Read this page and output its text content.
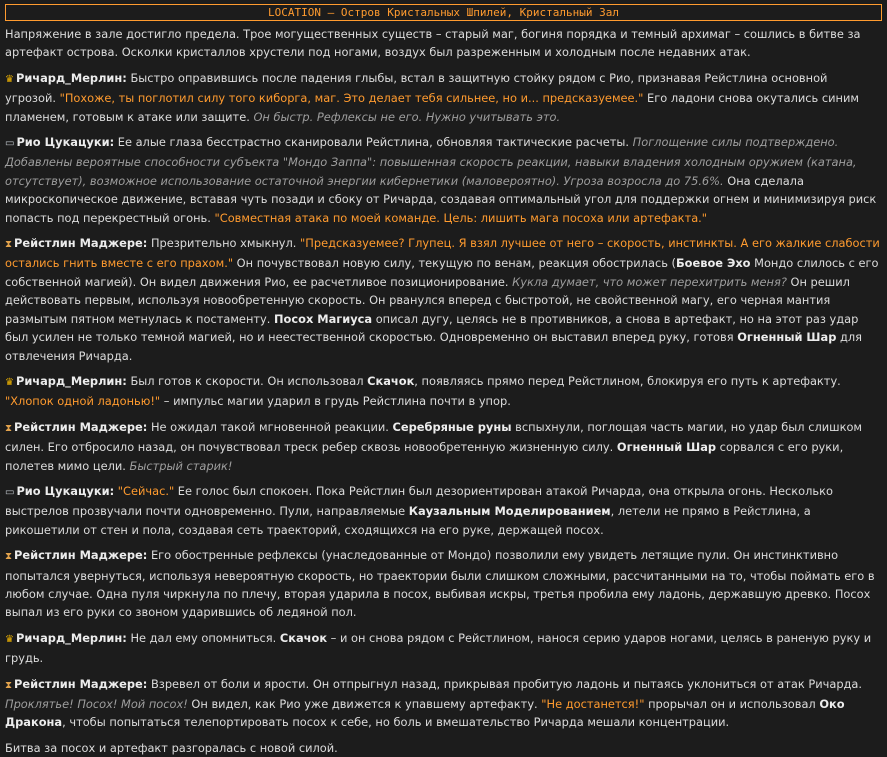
LOCATION – Остров Кристальных Шпилей, Кристальный Зал

Напряжение в зале достигло предела. Трое могущественных существ – старый маг, богиня порядка и темный архимаг – сошлись в битве за артефакт острова. Осколки кристаллов хрустели под ногами, воздух был разреженным и холодным после недавних атак.

♛ Ричард_Мерлин: Быстро оправившись после падения глыбы, встал в защитную стойку рядом с Рио, признавая Рейстлина основной угрозой. "Похоже, ты поглотил силу того киборга, маг. Это делает тебя сильнее, но и... предсказуемее." Его ладони снова окутались синим пламенем, готовым к атаке или защите. Он быстр. Рефлексы не его. Нужно учитывать это.

▭ Рио Цукацуки: Ее алые глаза бесстрастно сканировали Рейстлина, обновляя тактические расчеты. Поглощение силы подтверждено. Добавлены вероятные способности субъекта "Мондо Заппа": повышенная скорость реакции, навыки владения холодным оружием (катана, отсутствует), возможное использование остаточной энергии кибернетики (маловероятно). Угроза возросла до 75.6%. Она сделала микроскопическое движение, вставая чуть позади и сбоку от Ричарда, создавая оптимальный угол для поддержки огнем и минимизируя риск попасть под перекрестный огонь. "Совместная атака по моей команде. Цель: лишить мага посоха или артефакта."

⧗ Рейстлин Маджере: Презрительно хмыкнул. "Предсказуемее? Глупец. Я взял лучшее от него – скорость, инстинкты. А его жалкие слабости остались гнить вместе с его прахом." Он почувствовал новую силу, текущую по венам, реакция обострилась (Боевое Эхо Мондо слилось с его собственной магией). Он видел движения Рио, ее расчетливое позиционирование. Кукла думает, что может перехитрить меня? Он решил действовать первым, используя новообретенную скорость. Он рванулся вперед с быстротой, не свойственной магу, его черная мантия размытым пятном метнулась к постаменту. Посох Магиуса описал дугу, целясь не в противников, а снова в артефакт, но на этот раз удар был усилен не только темной магией, но и неестественной скоростью. Одновременно он выставил вперед руку, готовя Огненный Шар для отвлечения Ричарда.

♛ Ричард_Мерлин: Был готов к скорости. Он использовал Скачок, появляясь прямо перед Рейстлином, блокируя его путь к артефакту. "Хлопок одной ладонью!" – импульс магии ударил в грудь Рейстлина почти в упор.

⧗ Рейстлин Маджере: Не ожидал такой мгновенной реакции. Серебряные руны вспыхнули, поглощая часть магии, но удар был слишком силен. Его отбросило назад, он почувствовал треск ребер сквозь новообретенную жизненную силу. Огненный Шар сорвался с его руки, полетев мимо цели. Быстрый старик!

▭ Рио Цукацуки: "Сейчас." Ее голос был спокоен. Пока Рейстлин был дезориентирован атакой Ричарда, она открыла огонь. Несколько выстрелов прозвучали почти одновременно. Пули, направляемые Каузальным Моделированием, летели не прямо в Рейстлина, а рикошетили от стен и пола, создавая сеть траекторий, сходящихся на его руке, держащей посох.

⧗ Рейстлин Маджере: Его обостренные рефлексы (унаследованные от Мондо) позволили ему увидеть летящие пули. Он инстинктивно попытался увернуться, используя невероятную скорость, но траектории были слишком сложными, рассчитанными на то, чтобы поймать его в любом случае. Одна пуля чиркнула по плечу, вторая ударила в посох, выбивая искры, третья пробила ему ладонь, державшую древко. Посох выпал из его руки со звоном ударившись об ледяной пол.

♛ Ричард_Мерлин: Не дал ему опомниться. Скачок – и он снова рядом с Рейстлином, нанося серию ударов ногами, целясь в раненую руку и грудь.

⧗ Рейстлин Маджере: Взревел от боли и ярости. Он отпрыгнул назад, прикрывая пробитую ладонь и пытаясь уклониться от атак Ричарда. Проклятье! Посох! Мой посох! Он видел, как Рио уже движется к упавшему артефакту. "Не достанется!" прорычал он и использовал Око Дракона, чтобы попытаться телепортировать посох к себе, но боль и вмешательство Ричарда мешали концентрации.

Битва за посох и артефакт разгоралась с новой силой.
